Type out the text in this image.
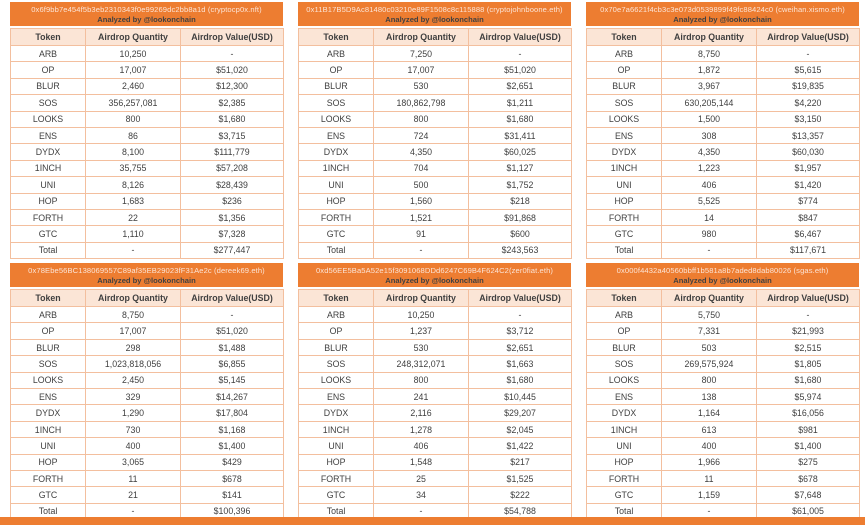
0x6f9bb7e454f5b3eb2310343f0e99269dc2bb8a1d (cryptocp0x.nft)
Analyzed by @lookonchain
Token	Airdrop Quantity	Airdrop Value(USD)
ARB	10,250	-
OP	17,007	$51,020
BLUR	2,460	$12,300
SOS	356,257,081	$2,385
LOOKS	800	$1,680
ENS	86	$3,715
DYDX	8,100	$111,779
1INCH	35,755	$57,208
UNI	8,126	$28,439
HOP	1,683	$236
FORTH	22	$1,356
GTC	1,110	$7,328
Total	-	$277,447
0x11B17B5D9Ac81480c03210e89F1508c8c115888 (cryptojohnboone.eth)
Analyzed by @lookonchain
Token	Airdrop Quantity	Airdrop Value(USD)
ARB	7,250	-
OP	17,007	$51,020
BLUR	530	$2,651
SOS	180,862,798	$1,211
LOOKS	800	$1,680
ENS	724	$31,411
DYDX	4,350	$60,025
1INCH	704	$1,127
UNI	500	$1,752
HOP	1,560	$218
FORTH	1,521	$91,868
GTC	91	$600
Total	-	$243,563
0x70e7a6621f4cb3c3e073d0539899f49fc88424c0 (cweihan.xismo.eth)
Analyzed by @lookonchain
Token	Airdrop Quantity	Airdrop Value(USD)
ARB	8,750	-
OP	1,872	$5,615
BLUR	3,967	$19,835
SOS	630,205,144	$4,220
LOOKS	1,500	$3,150
ENS	308	$13,357
DYDX	4,350	$60,030
1INCH	1,223	$1,957
UNI	406	$1,420
HOP	5,525	$774
FORTH	14	$847
GTC	980	$6,467
Total	-	$117,671
0x78Ebe56BC138069557C89af35EB29023fF31Ae2c (dereek69.eth)
Analyzed by @lookonchain
Token	Airdrop Quantity	Airdrop Value(USD)
ARB	8,750	-
OP	17,007	$51,020
BLUR	298	$1,488
SOS	1,023,818,056	$6,855
LOOKS	2,450	$5,145
ENS	329	$14,267
DYDX	1,290	$17,804
1INCH	730	$1,168
UNI	400	$1,400
HOP	3,065	$429
FORTH	11	$678
GTC	21	$141
Total	-	$100,396
0xd56EE5Ba5A52e15f3091068DDd6247C69B4F624C2(zer0fiat.eth)
Analyzed by @lookonchain
Token	Airdrop Quantity	Airdrop Value(USD)
ARB	10,250	-
OP	1,237	$3,712
BLUR	530	$2,651
SOS	248,312,071	$1,663
LOOKS	800	$1,680
ENS	241	$10,445
DYDX	2,116	$29,207
1INCH	1,278	$2,045
UNI	406	$1,422
HOP	1,548	$217
FORTH	25	$1,525
GTC	34	$222
Total	-	$54,788
0x000f4432a40560bbff1b581a8b7aded8dab80026 (sgas.eth)
Analyzed by @lookonchain
Token	Airdrop Quantity	Airdrop Value(USD)
ARB	5,750	-
OP	7,331	$21,993
BLUR	503	$2,515
SOS	269,575,924	$1,805
LOOKS	800	$1,680
ENS	138	$5,974
DYDX	1,164	$16,056
1INCH	613	$981
UNI	400	$1,400
HOP	1,966	$275
FORTH	11	$678
GTC	1,159	$7,648
Total	-	$61,005
